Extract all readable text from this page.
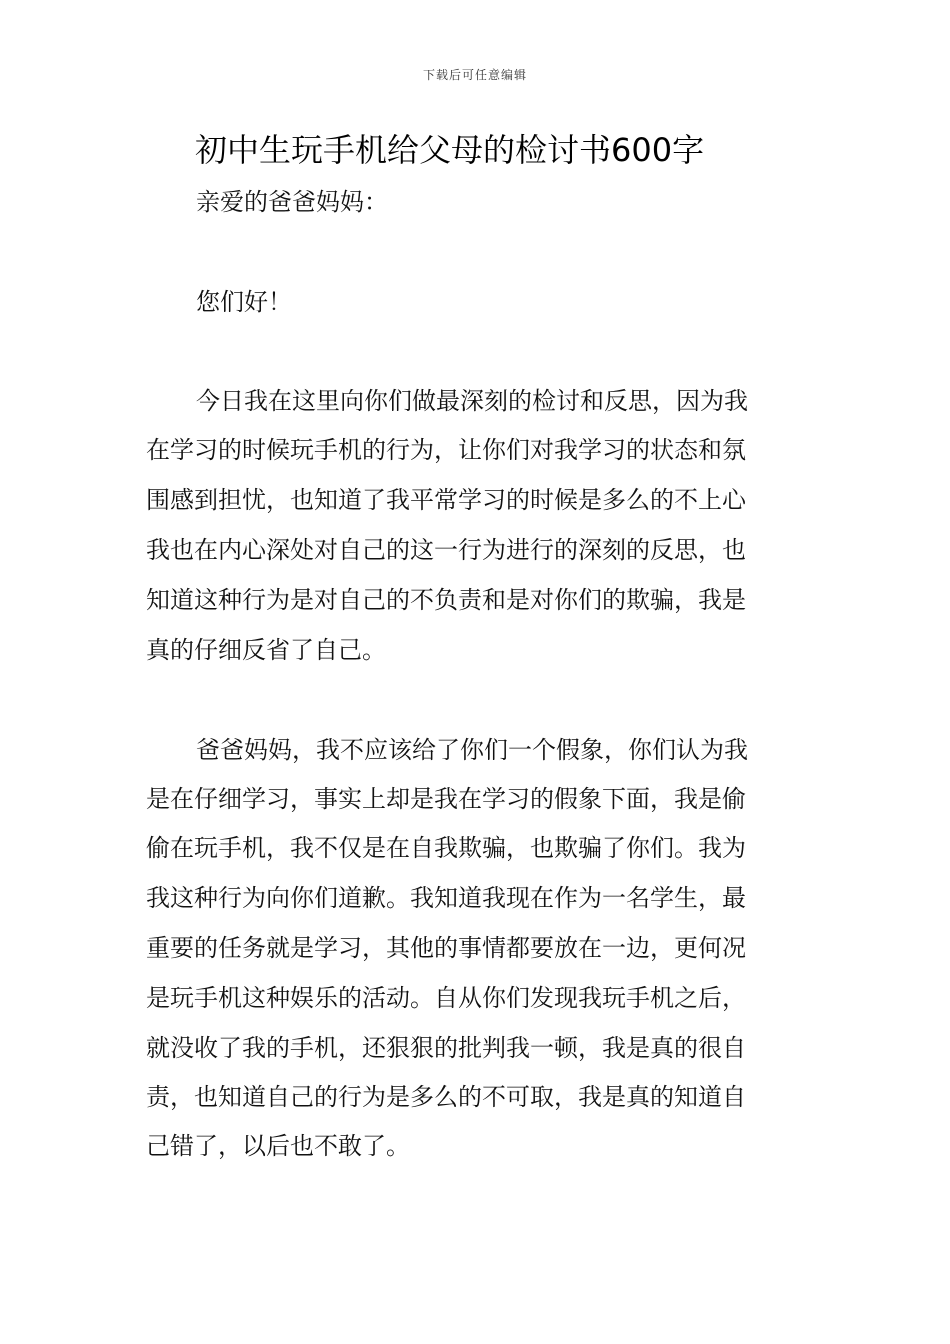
下载后可任意编辑
初中生玩手机给父母的检讨书600字

亲爱的爸爸妈妈：

您们好！

今日我在这里向你们做最深刻的检讨和反思，因为我

在学习的时候玩手机的行为，让你们对我学习的状态和氛

围感到担忧，也知道了我平常学习的时候是多么的不上心

我也在内心深处对自己的这一行为进行的深刻的反思，也

知道这种行为是对自己的不负责和是对你们的欺骗，我是

真的仔细反省了自己。

爸爸妈妈，我不应该给了你们一个假象，你们认为我

是在仔细学习，事实上却是我在学习的假象下面，我是偷

偷在玩手机，我不仅是在自我欺骗，也欺骗了你们。我为

我这种行为向你们道歉。我知道我现在作为一名学生，最

重要的任务就是学习，其他的事情都要放在一边，更何况

是玩手机这种娱乐的活动。自从你们发现我玩手机之后，

就没收了我的手机，还狠狠的批判我一顿，我是真的很自

责，也知道自己的行为是多么的不可取，我是真的知道自

己错了，以后也不敢了。
